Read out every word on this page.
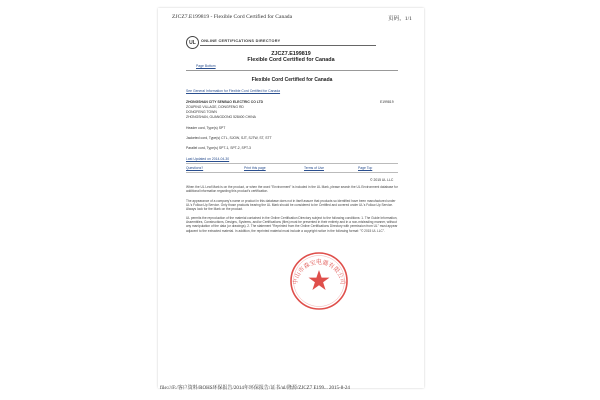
ZJCZ7.E199819 - Flexible Cord Certified for Canada	页码，1/1
UL	ONLINE CERTIFICATIONS DIRECTORY
ZJCZ7.E199819
Flexible Cord Certified for Canada
Page Bottom
Flexible Cord Certified for Canada
See General Information for Flexible Cord Certified for Canada
ZHONGSHAN CITY SENBAO ELECTRIC CO LTD	E199819
ZOUPING VILLAGE, DONGFENG RD
DONGFENG TOWN
ZHONGSHAN, GUANGDONG 528400 CHINA
Header cord, Type(s) SPT
Jacketed cord, Type(s) CTL, SJOW, SJT, SJTW, ST, STT
Parallel cord, Type(s) SPT-1, SPT-2, SPT-3
Last Updated on 2014-04-30
Questions?	Print this page	Terms of Use	Page Top
© 2015 UL LLC
When the UL Leaf Mark is on the product, or when the word "Environment" is included in the UL Mark, please search the UL Environment database for additional information regarding this product's certification.
The appearance of a company's name or product in this database does not in itself assure that products so identified have been manufactured under UL's Follow-Up Service. Only those products bearing the UL Mark should be considered to be Certified and covered under UL's Follow-Up Service. Always look for the Mark on the product.
UL permits the reproduction of the material contained in the Online Certification Directory subject to the following conditions: 1. The Guide Information, Assemblies, Constructions, Designs, Systems, and/or Certifications (files) must be presented in their entirety and in a non-misleading manner, without any manipulation of the data (or drawings). 2. The statement "Reprinted from the Online Certifications Directory with permission from UL" must appear adjacent to the extracted material. In addition, the reprinted material must include a copyright notice in the following format: "© 2015 UL LLC".
中山市森宝电器有限公司
file:///F:/客户资料/ROHS环保报告/2014年环保报告/证书/ul/隆源/ZJCZ7 E199... 2015-8-24
